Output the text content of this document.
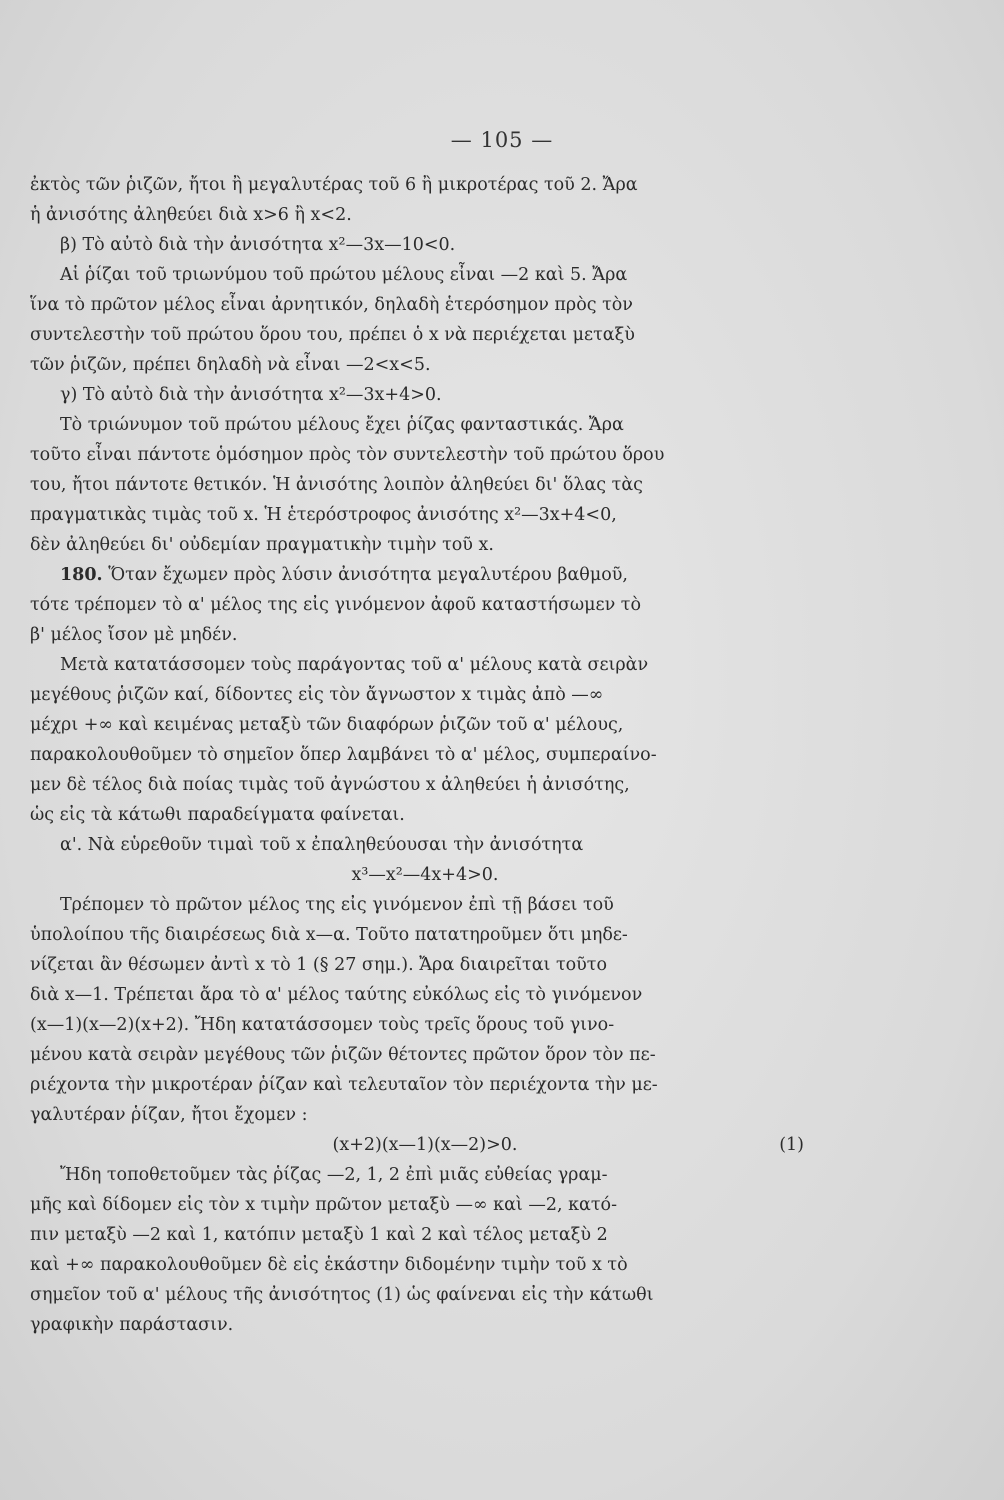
— 105 —

ἐκτὸς τῶν ῥιζῶν, ἤτοι ἢ μεγαλυτέρας τοῦ 6 ἢ μικροτέρας τοῦ 2. Ἄρα

ἡ ἀνισότης ἀληθεύει διὰ x>6 ἢ x<2.

β) Τὸ αὐτὸ διὰ τὴν ἀνισότητα x²—3x—10<0.

Αἱ ῥίζαι τοῦ τριωνύμου τοῦ πρώτου μέλους εἶναι —2 καὶ 5. Ἄρα

ἵνα τὸ πρῶτον μέλος εἶναι ἀρνητικόν, δηλαδὴ ἑτερόσημον πρὸς τὸν

συντελεστὴν τοῦ πρώτου ὅρου του, πρέπει ὁ x νὰ περιέχεται μεταξὺ

τῶν ῥιζῶν, πρέπει δηλαδὴ νὰ εἶναι —2<x<5.

γ) Τὸ αὐτὸ διὰ τὴν ἀνισότητα x²—3x+4>0.

Τὸ τριώνυμον τοῦ πρώτου μέλους ἔχει ῥίζας φανταστικάς. Ἄρα

τοῦτο εἶναι πάντοτε ὁμόσημον πρὸς τὸν συντελεστὴν τοῦ πρώτου ὅρου

του, ἤτοι πάντοτε θετικόν. Ἡ ἀνισότης λοιπὸν ἀληθεύει δι' ὅλας τὰς

πραγματικὰς τιμὰς τοῦ x. Ἡ ἑτερόστροφος ἀνισότης x²—3x+4<0,

δὲν ἀληθεύει δι' οὐδεμίαν πραγματικὴν τιμὴν τοῦ x.

180. Ὅταν ἔχωμεν πρὸς λύσιν ἀνισότητα μεγαλυτέρου βαθμοῦ,

τότε τρέπομεν τὸ α' μέλος της εἰς γινόμενον ἀφοῦ καταστήσωμεν τὸ

β' μέλος ἴσον μὲ μηδέν.

Μετὰ κατατάσσομεν τοὺς παράγοντας τοῦ α' μέλους κατὰ σειρὰν

μεγέθους ῥιζῶν καί, δίδοντες εἰς τὸν ἄγνωστον x τιμὰς ἀπὸ —∞

μέχρι +∞ καὶ κειμένας μεταξὺ τῶν διαφόρων ῥιζῶν τοῦ α' μέλους,

παρακολουθοῦμεν τὸ σημεῖον ὅπερ λαμβάνει τὸ α' μέλος, συμπεραίνο-

μεν δὲ τέλος διὰ ποίας τιμὰς τοῦ ἀγνώστου x ἀληθεύει ἡ ἀνισότης,

ὡς εἰς τὰ κάτωθι παραδείγματα φαίνεται.

α'. Νὰ εὑρεθοῦν τιμαὶ τοῦ x ἐπαληθεύουσαι τὴν ἀνισότητα

x³—x²—4x+4>0.

Τρέπομεν τὸ πρῶτον μέλος της εἰς γινόμενον ἐπὶ τῇ βάσει τοῦ

ὑπολοίπου τῆς διαιρέσεως διὰ x—α. Τοῦτο πατατηροῦμεν ὅτι μηδε-

νίζεται ἂν θέσωμεν ἀντὶ x τὸ 1 (§ 27 σημ.). Ἄρα διαιρεῖται τοῦτο

διὰ x—1. Τρέπεται ἄρα τὸ α' μέλος ταύτης εὐκόλως εἰς τὸ γινόμενον

(x—1)(x—2)(x+2). Ἤδη κατατάσσομεν τοὺς τρεῖς ὅρους τοῦ γινο-

μένου κατὰ σειρὰν μεγέθους τῶν ῥιζῶν θέτοντες πρῶτον ὅρον τὸν πε-

ριέχοντα τὴν μικροτέραν ῥίζαν καὶ τελευταῖον τὸν περιέχοντα τὴν με-

γαλυτέραν ῥίζαν, ἤτοι ἔχομεν :

(x+2)(x—1)(x—2)>0.	(1)

Ἤδη τοποθετοῦμεν τὰς ῥίζας —2, 1, 2 ἐπὶ μιᾶς εὐθείας γραμ-

μῆς καὶ δίδομεν εἰς τὸν x τιμὴν πρῶτον μεταξὺ —∞ καὶ —2, κατό-

πιν μεταξὺ —2 καὶ 1, κατόπιν μεταξὺ 1 καὶ 2 καὶ τέλος μεταξὺ 2

καὶ +∞ παρακολουθοῦμεν δὲ εἰς ἑκάστην διδομένην τιμὴν τοῦ x τὸ

σημεῖον τοῦ α' μέλους τῆς ἀνισότητος (1) ὡς φαίνεναι εἰς τὴν κάτωθι

γραφικὴν παράστασιν.
